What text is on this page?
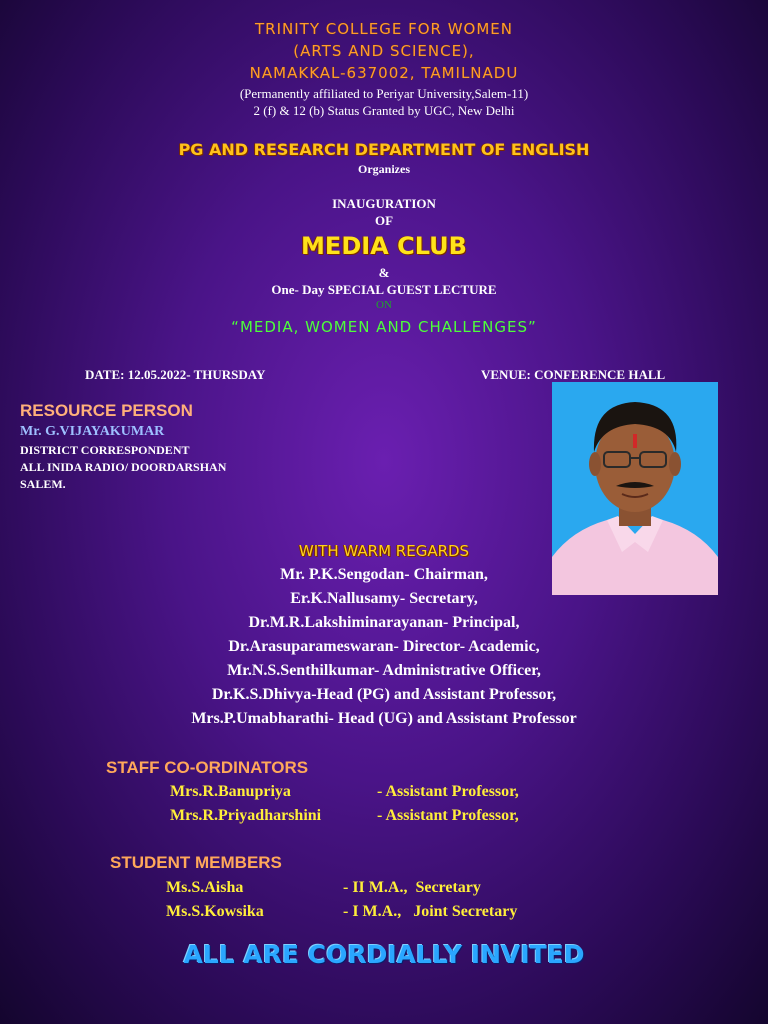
TRINITY COLLEGE FOR WOMEN
(ARTS AND SCIENCE),
NAMAKKAL-637002, TAMILNADU
(Permanently affiliated to Periyar University,Salem-11)
2 (f) & 12 (b) Status Granted by UGC, New Delhi
PG AND RESEARCH DEPARTMENT OF ENGLISH
Organizes
INAUGURATION
OF
MEDIA CLUB
&
One- Day SPECIAL GUEST LECTURE
ON
“MEDIA, WOMEN AND CHALLENGES”
DATE: 12.05.2022- THURSDAY	VENUE: CONFERENCE HALL
RESOURCE PERSON
Mr. G.VIJAYAKUMAR
DISTRICT CORRESPONDENT
ALL INIDA RADIO/ DOORDARSHAN
SALEM.
WITH WARM REGARDS
Mr. P.K.Sengodan- Chairman,
Er.K.Nallusamy- Secretary,
Dr.M.R.Lakshiminarayanan- Principal,
Dr.Arasuparameswaran- Director- Academic,
Mr.N.S.Senthilkumar- Administrative Officer,
Dr.K.S.Dhivya-Head (PG) and Assistant Professor,
Mrs.P.Umabharathi- Head (UG) and Assistant Professor
STAFF CO-ORDINATORS
Mrs.R.Banupriya	- Assistant Professor,
Mrs.R.Priyadharshini	- Assistant Professor,
STUDENT MEMBERS
Ms.S.Aisha	- II M.A.,  Secretary
Ms.S.Kowsika	- I M.A.,   Joint Secretary
ALL ARE CORDIALLY INVITED
